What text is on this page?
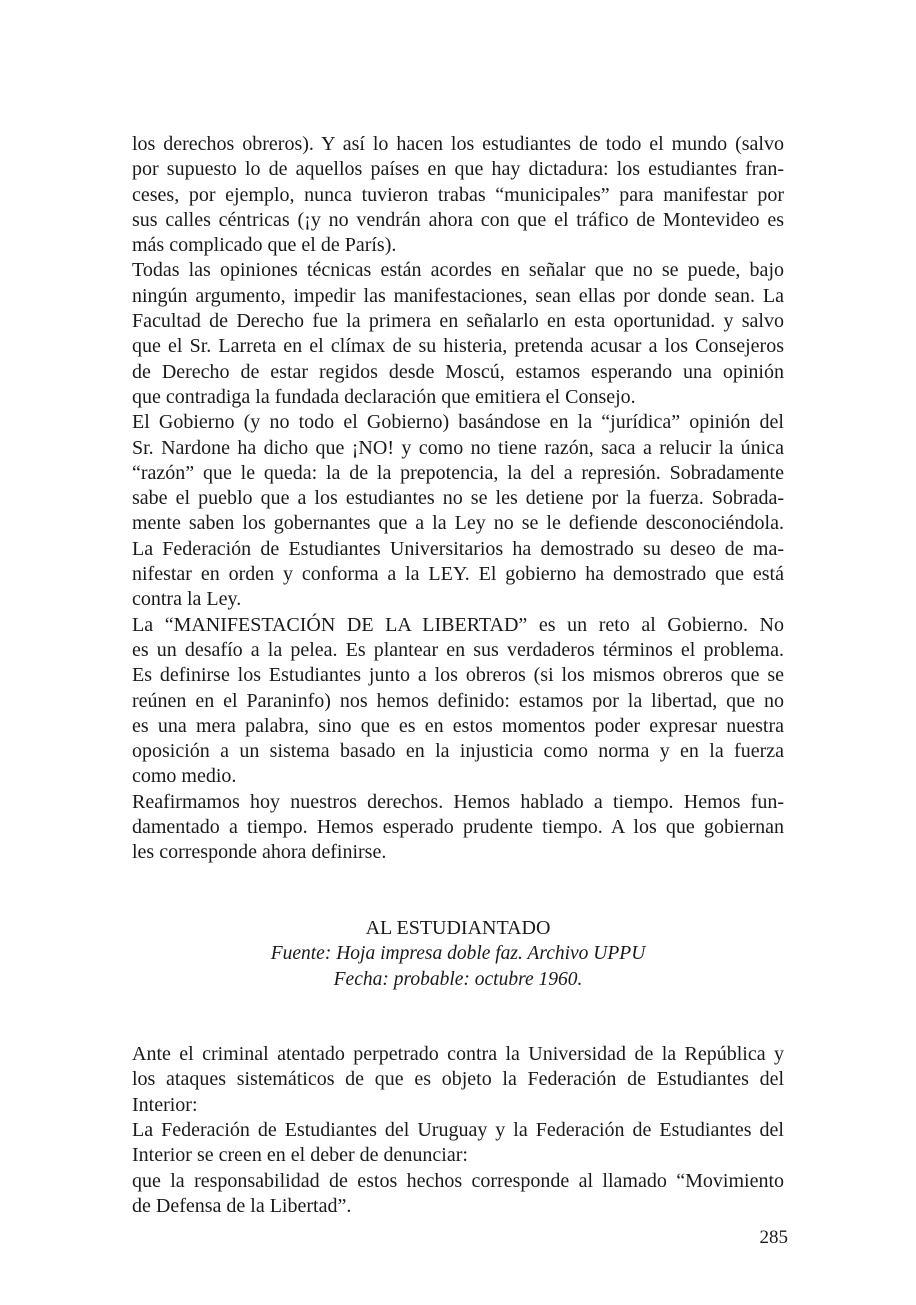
los derechos obreros). Y así lo hacen los estudiantes de todo el mundo (salvo
por supuesto lo de aquellos países en que hay dictadura: los estudiantes fran-
ceses, por ejemplo, nunca tuvieron trabas “municipales” para manifestar por
sus calles céntricas (¡y no vendrán ahora con que el tráfico de Montevideo es
más complicado que el de París).
Todas las opiniones técnicas están acordes en señalar que no se puede, bajo
ningún argumento, impedir las manifestaciones, sean ellas por donde sean. La
Facultad de Derecho fue la primera en señalarlo en esta oportunidad. y salvo
que el Sr. Larreta en el clímax de su histeria, pretenda acusar a los Consejeros
de Derecho de estar regidos desde Moscú, estamos esperando una opinión
que contradiga la fundada declaración que emitiera el Consejo.
El Gobierno (y no todo el Gobierno) basándose en la “jurídica” opinión del
Sr. Nardone ha dicho que ¡NO! y como no tiene razón, saca a relucir la única
“razón” que le queda: la de la prepotencia, la del a represión. Sobradamente
sabe el pueblo que a los estudiantes no se les detiene por la fuerza. Sobrada-
mente saben los gobernantes que a la Ley no se le defiende desconociéndola.
La Federación de Estudiantes Universitarios ha demostrado su deseo de ma-
nifestar en orden y conforma a la LEY. El gobierno ha demostrado que está
contra la Ley.
La “MANIFESTACIÓN DE LA LIBERTAD” es un reto al Gobierno. No
es un desafío a la pelea. Es plantear en sus verdaderos términos el problema.
Es definirse los Estudiantes junto a los obreros (si los mismos obreros que se
reúnen en el Paraninfo) nos hemos definido: estamos por la libertad, que no
es una mera palabra, sino que es en estos momentos poder expresar nuestra
oposición a un sistema basado en la injusticia como norma y en la fuerza
como medio.
Reafirmamos hoy nuestros derechos. Hemos hablado a tiempo. Hemos fun-
damentado a tiempo. Hemos esperado prudente tiempo. A los que gobiernan
les corresponde ahora definirse.
AL ESTUDIANTADO
Fuente: Hoja impresa doble faz. Archivo UPPU
Fecha: probable: octubre 1960.
Ante el criminal atentado perpetrado contra la Universidad de la República y
los ataques sistemáticos de que es objeto la Federación de Estudiantes del
Interior:
La Federación de Estudiantes del Uruguay y la Federación de Estudiantes del
Interior se creen en el deber de denunciar:
que la responsabilidad de estos hechos corresponde al llamado “Movimiento
de Defensa de la Libertad”.
285
